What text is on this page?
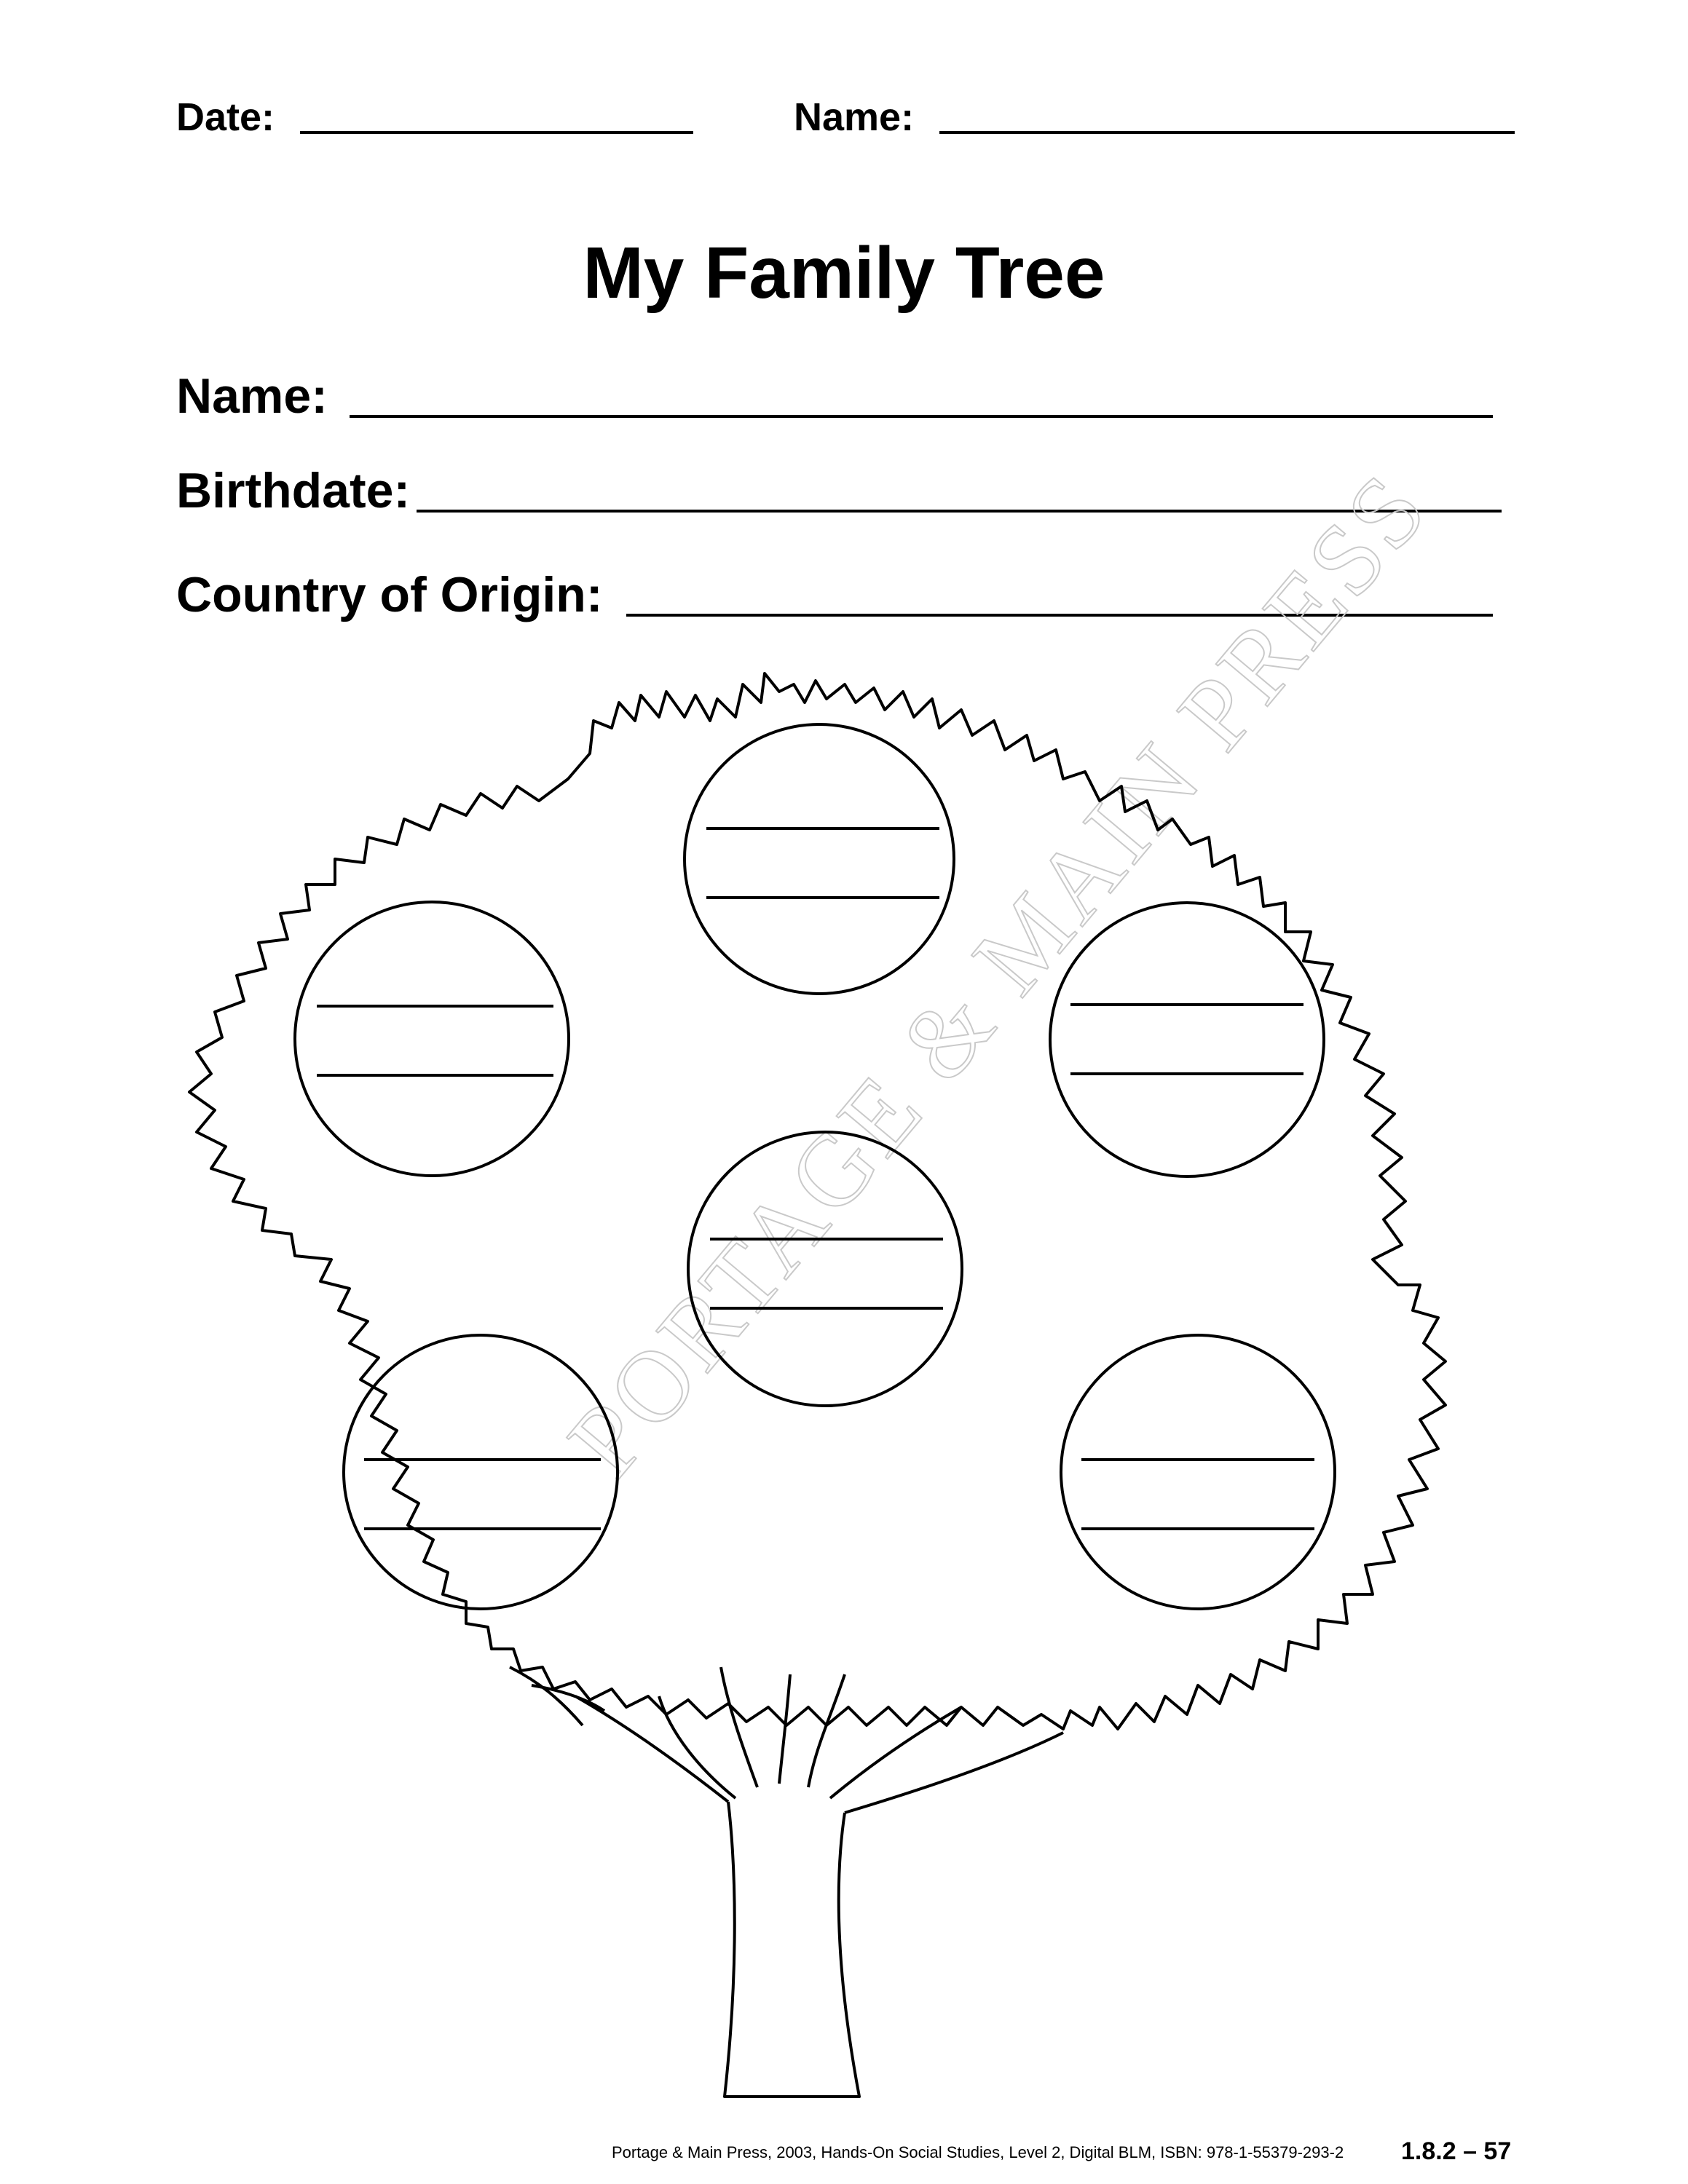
Date:	Name:
My Family Tree
Name:
Birthdate:
Country of Origin:
PORTAGE & MAIN PRESS
Portage & Main Press, 2003, Hands-On Social Studies, Level 2, Digital BLM, ISBN: 978-1-55379-293-2 1.8.2 – 57
